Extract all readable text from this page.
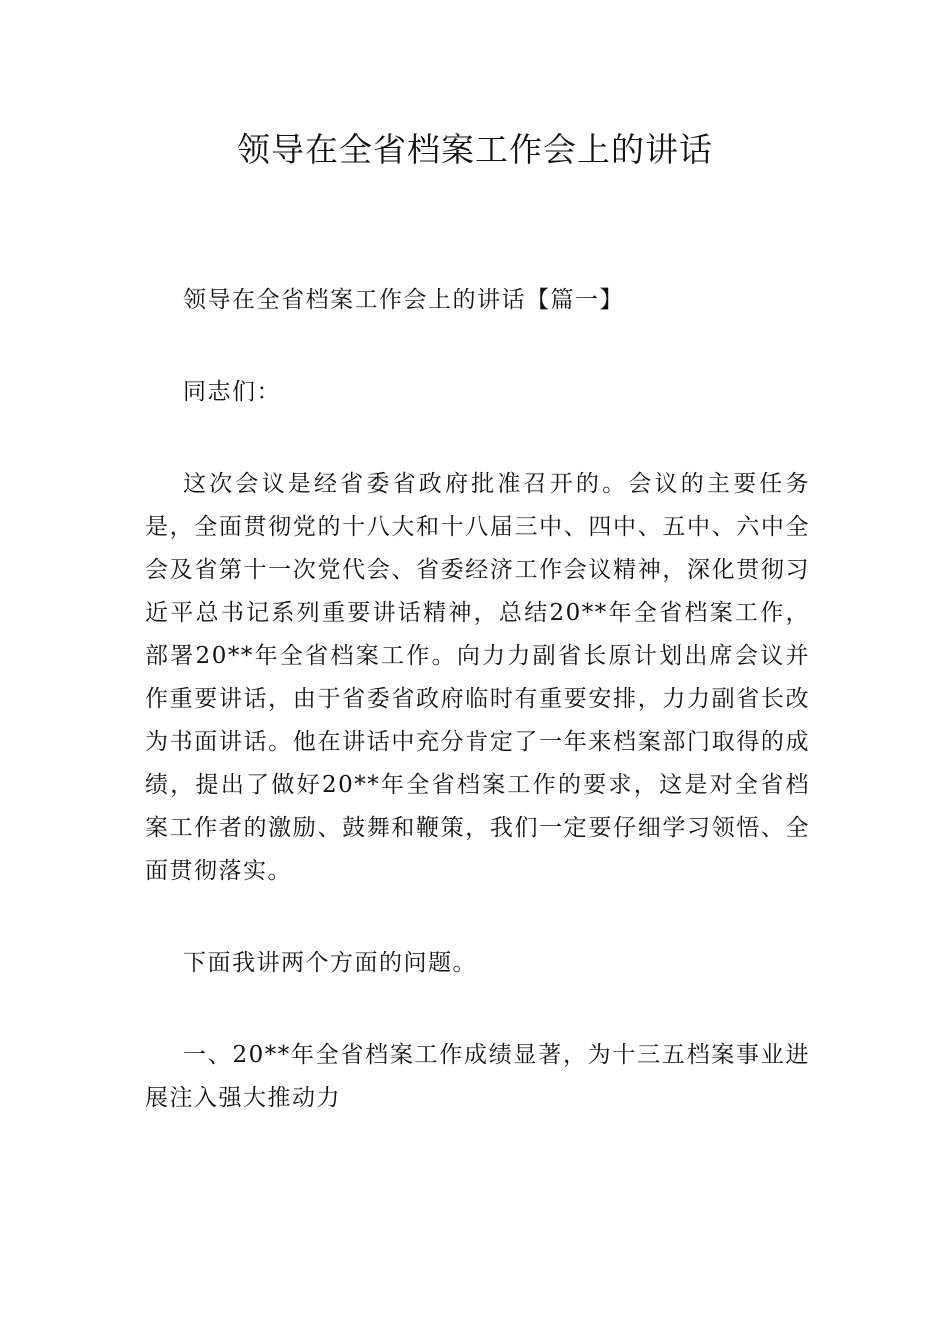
领导在全省档案工作会上的讲话

领导在全省档案工作会上的讲话【篇一】

同志们：

这次会议是经省委省政府批准召开的。会议的主要任务是，全面贯彻党的十八大和十八届三中、四中、五中、六中全会及省第十一次党代会、省委经济工作会议精神，深化贯彻习近平总书记系列重要讲话精神，总结20**年全省档案工作，部署20**年全省档案工作。向力力副省长原计划出席会议并作重要讲话，由于省委省政府临时有重要安排，力力副省长改为书面讲话。他在讲话中充分肯定了一年来档案部门取得的成绩，提出了做好20**年全省档案工作的要求，这是对全省档案工作者的激励、鼓舞和鞭策，我们一定要仔细学习领悟、全面贯彻落实。

下面我讲两个方面的问题。

一、20**年全省档案工作成绩显著，为十三五档案事业进展注入强大推动力
